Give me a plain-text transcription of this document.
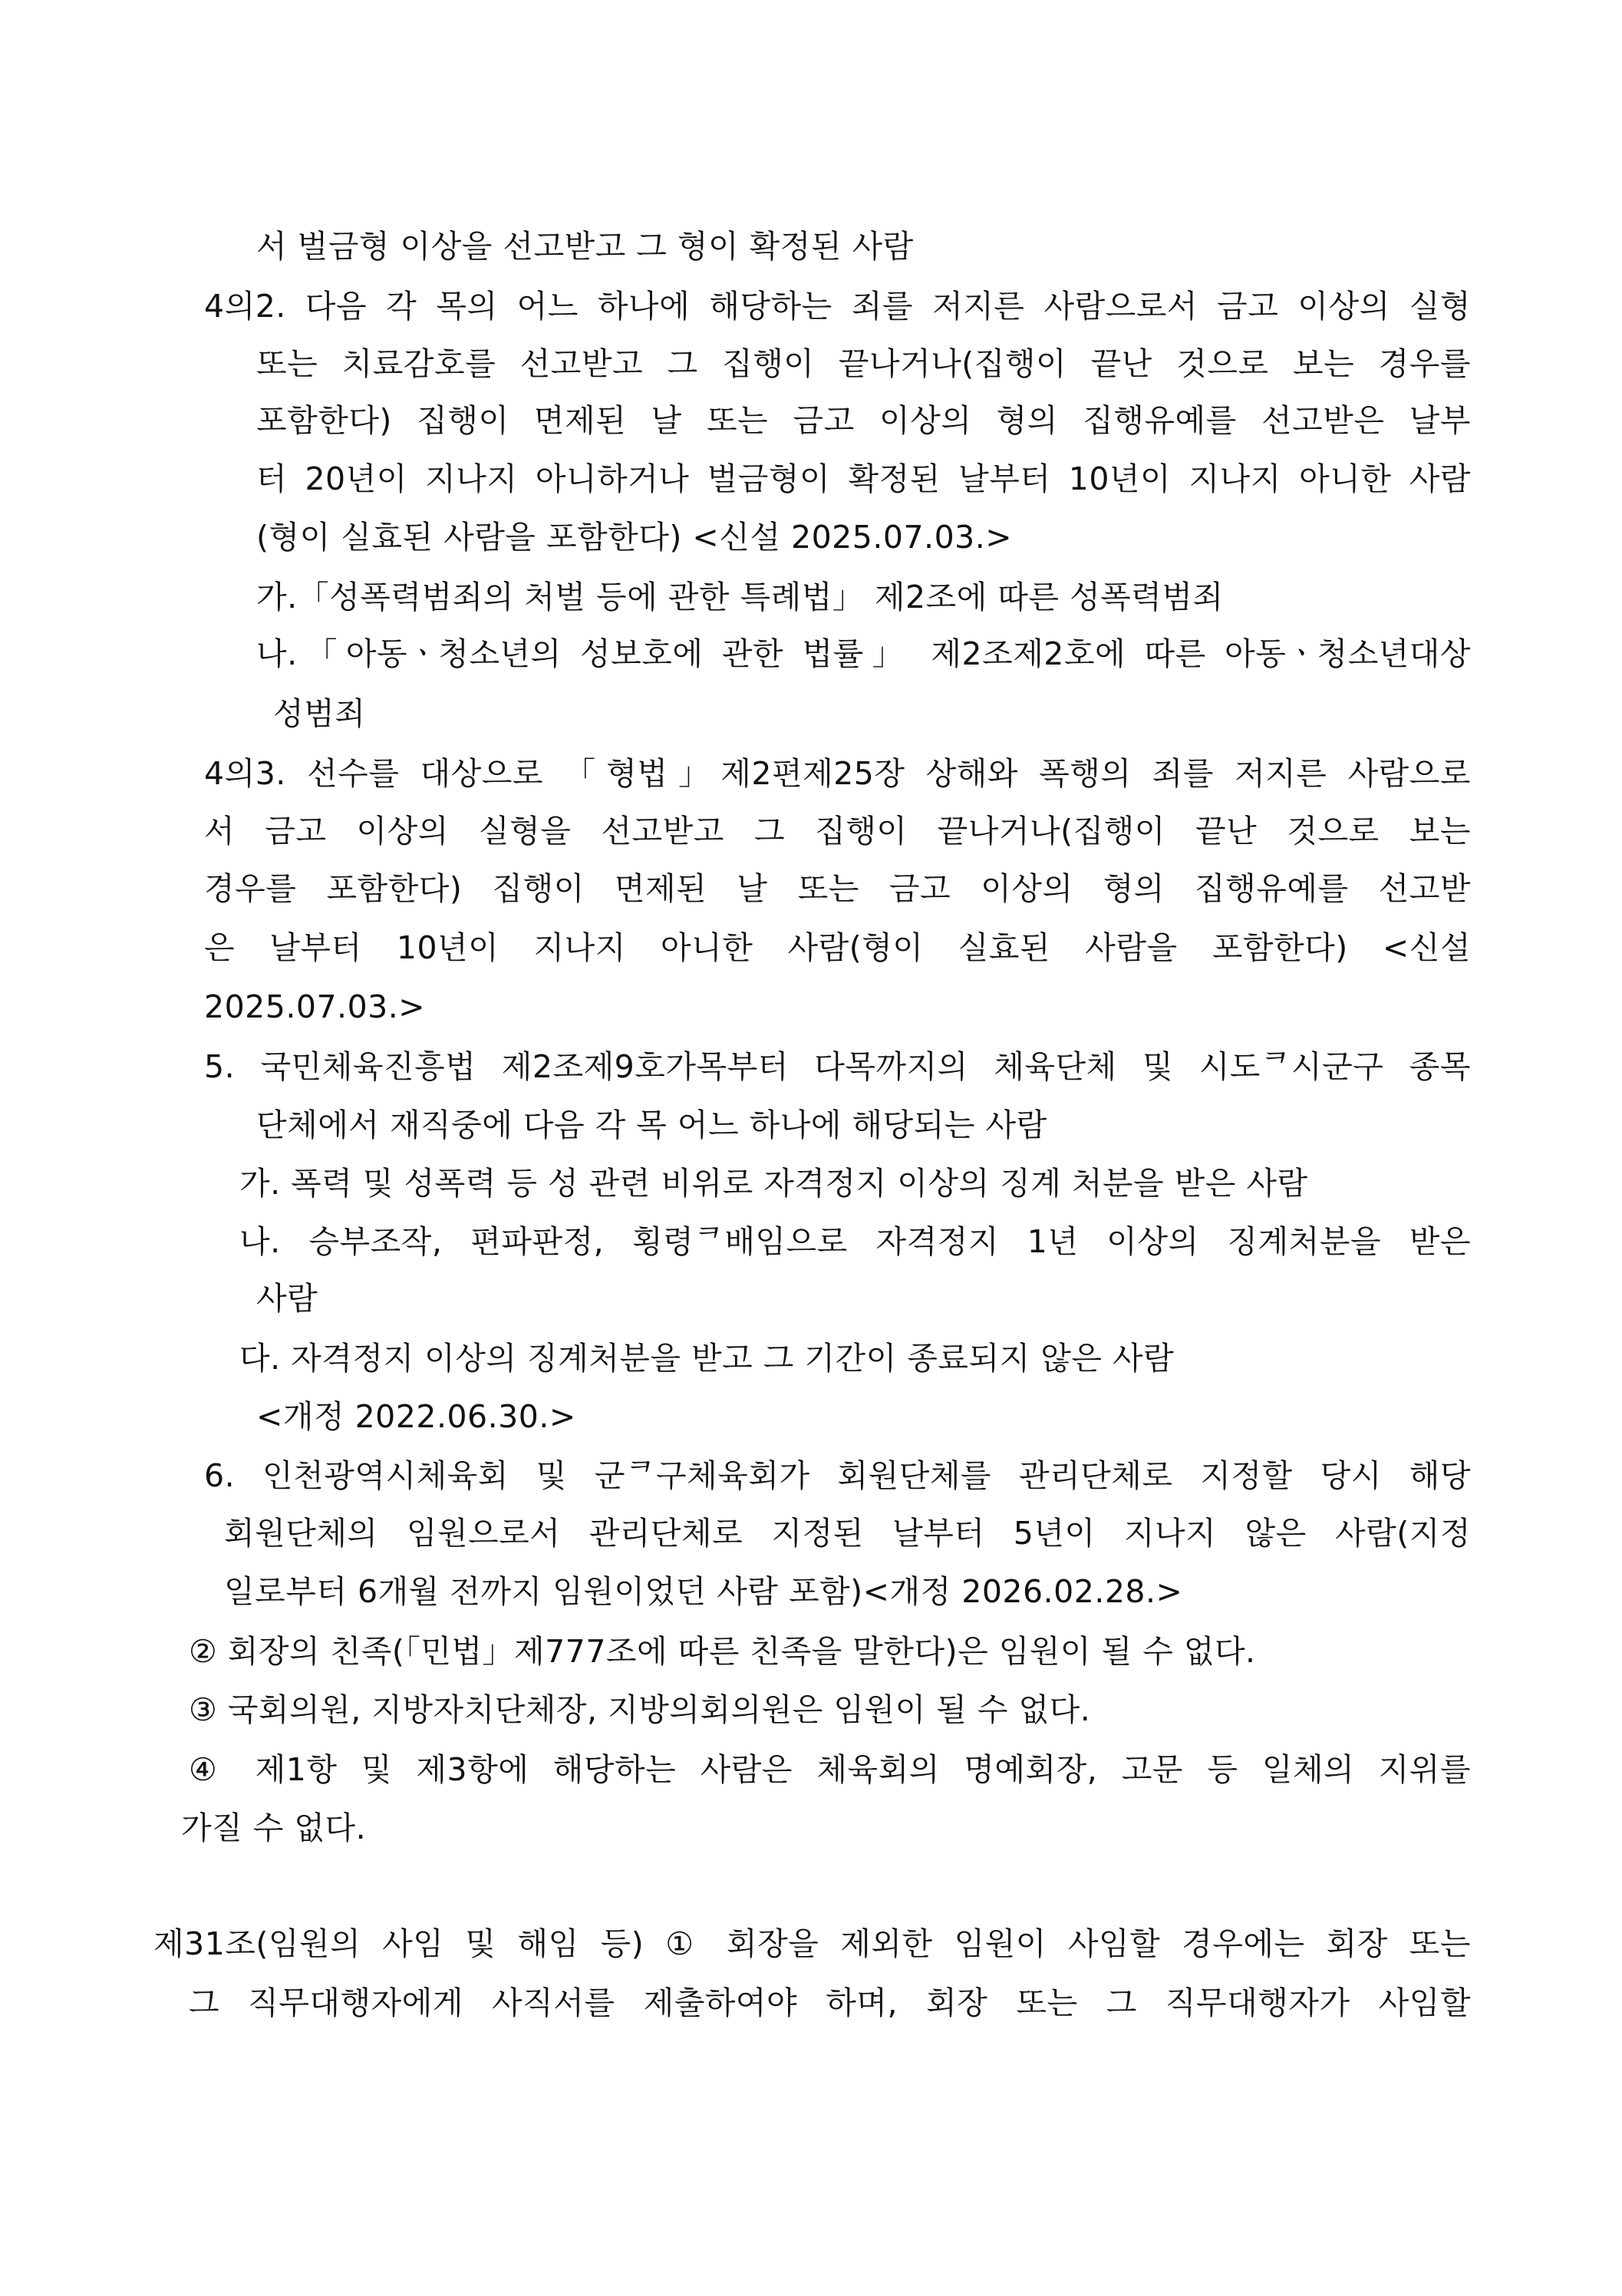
서 벌금형 이상을 선고받고 그 형이 확정된 사람
4의2. 다음 각 목의 어느 하나에 해당하는 죄를 저지른 사람으로서 금고 이상의 실형
또는 치료감호를 선고받고 그 집행이 끝나거나(집행이 끝난 것으로 보는 경우를
포함한다) 집행이 면제된 날 또는 금고 이상의 형의 집행유예를 선고받은 날부
터 20년이 지나지 아니하거나 벌금형이 확정된 날부터 10년이 지나지 아니한 사람
(형이 실효된 사람을 포함한다) <신설 2025.07.03.>
가.「성폭력범죄의 처벌 등에 관한 특례법」 제2조에 따른 성폭력범죄
나.「아동ㆍ청소년의 성보호에 관한 법률」 제2조제2호에 따른 아동ㆍ청소년대상
성범죄
4의3. 선수를 대상으로 「형법」제2편제25장 상해와 폭행의 죄를 저지른 사람으로
서 금고 이상의 실형을 선고받고 그 집행이 끝나거나(집행이 끝난 것으로 보는
경우를 포함한다) 집행이 면제된 날 또는 금고 이상의 형의 집행유예를 선고받
은 날부터 10년이 지나지 아니한 사람(형이 실효된 사람을 포함한다) <신설
2025.07.03.>
5. 국민체육진흥법 제2조제9호가목부터 다목까지의 체육단체 및 시도ᄏ시군구 종목
단체에서 재직중에 다음 각 목 어느 하나에 해당되는 사람
가. 폭력 및 성폭력 등 성 관련 비위로 자격정지 이상의 징계 처분을 받은 사람
나. 승부조작, 편파판정, 횡령ᄏ배임으로 자격정지 1년 이상의 징계처분을 받은
사람
다. 자격정지 이상의 징계처분을 받고 그 기간이 종료되지 않은 사람
<개정 2022.06.30.>
6. 인천광역시체육회 및 군ᄏ구체육회가 회원단체를 관리단체로 지정할 당시 해당
회원단체의 임원으로서 관리단체로 지정된 날부터 5년이 지나지 않은 사람(지정
일로부터 6개월 전까지 임원이었던 사람 포함)<개정 2026.02.28.>
② 회장의 친족(「민법」제777조에 따른 친족을 말한다)은 임원이 될 수 없다.
③ 국회의원, 지방자치단체장, 지방의회의원은 임원이 될 수 없다.
④ 제1항 및 제3항에 해당하는 사람은 체육회의 명예회장, 고문 등 일체의 지위를
가질 수 없다.
제31조(임원의 사임 및 해임 등) ① 회장을 제외한 임원이 사임할 경우에는 회장 또는
그 직무대행자에게 사직서를 제출하여야 하며, 회장 또는 그 직무대행자가 사임할
